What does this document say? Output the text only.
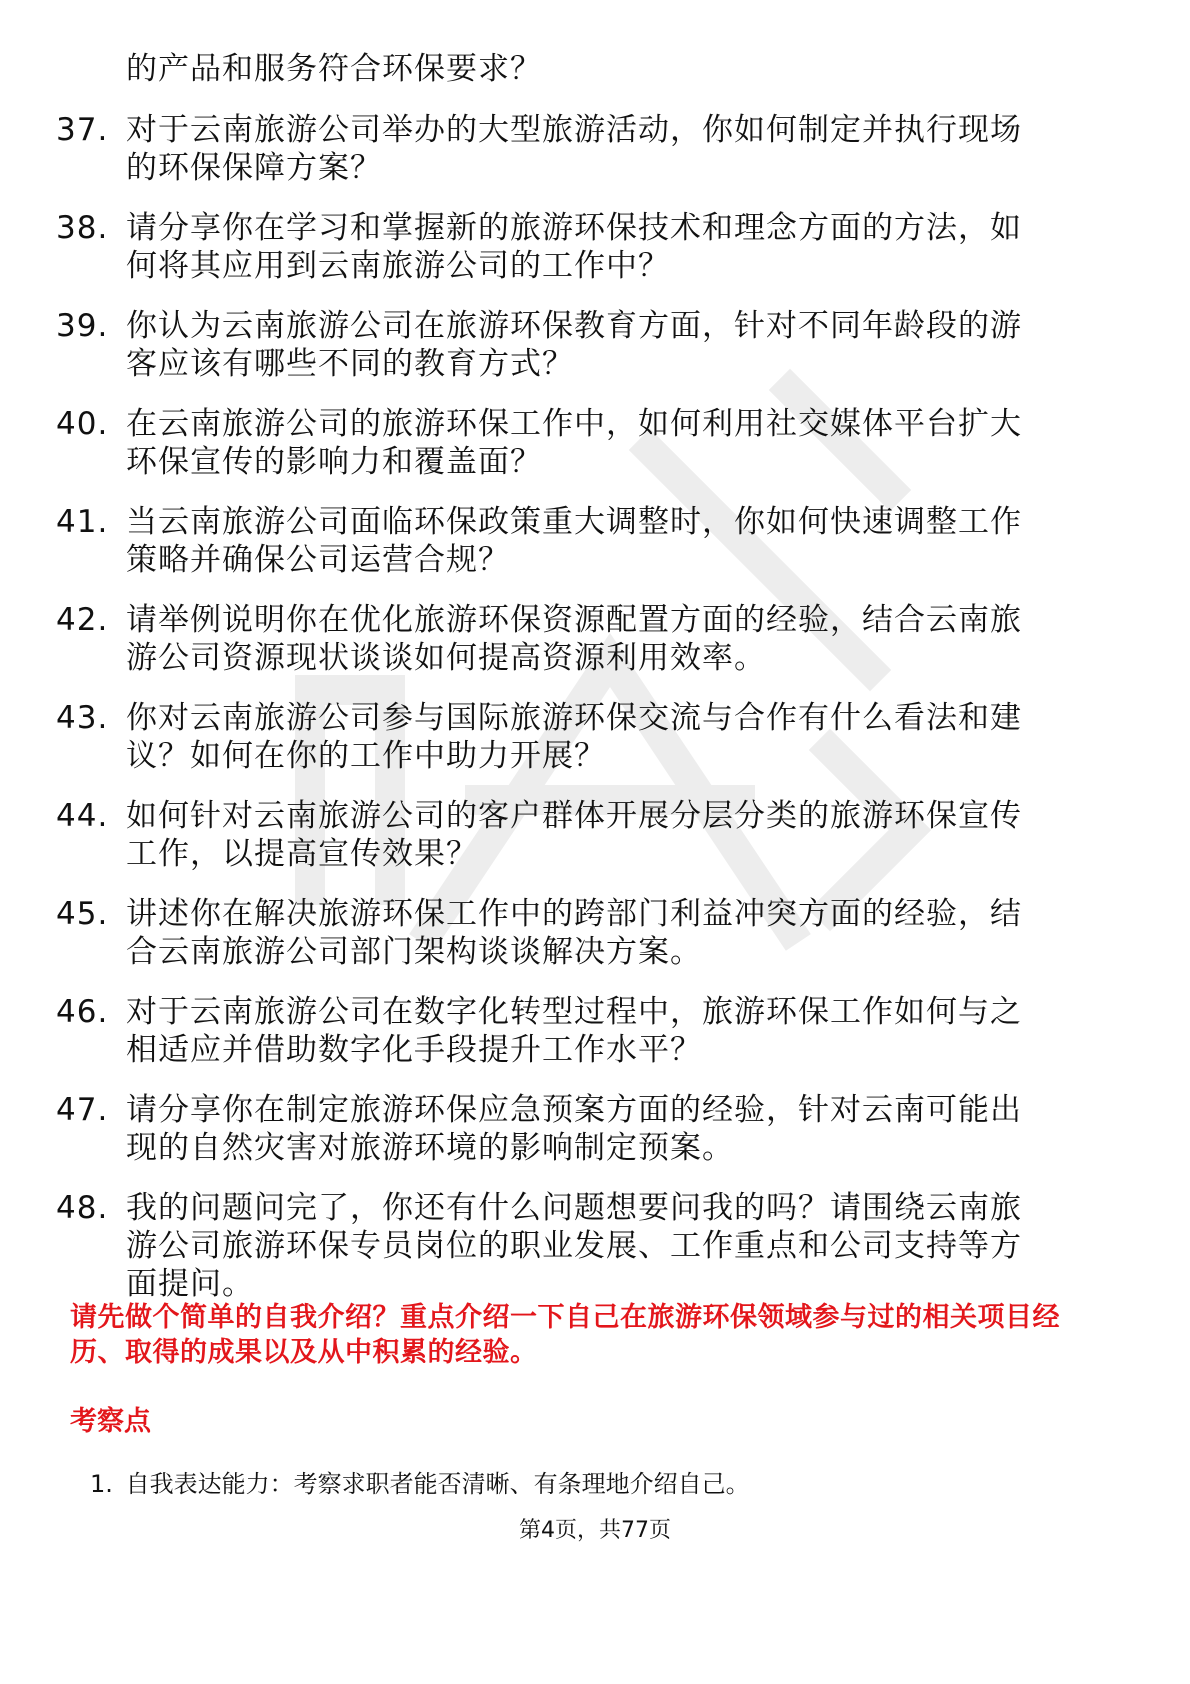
的产品和服务符合环保要求？
37. 对于云南旅游公司举办的大型旅游活动，你如何制定并执行现场
的环保保障方案？
38. 请分享你在学习和掌握新的旅游环保技术和理念方面的方法，如
何将其应用到云南旅游公司的工作中？
39. 你认为云南旅游公司在旅游环保教育方面，针对不同年龄段的游
客应该有哪些不同的教育方式？
40. 在云南旅游公司的旅游环保工作中，如何利用社交媒体平台扩大
环保宣传的影响力和覆盖面？
41. 当云南旅游公司面临环保政策重大调整时，你如何快速调整工作
策略并确保公司运营合规？
42. 请举例说明你在优化旅游环保资源配置方面的经验，结合云南旅
游公司资源现状谈谈如何提高资源利用效率。
43. 你对云南旅游公司参与国际旅游环保交流与合作有什么看法和建
议？如何在你的工作中助力开展？
44. 如何针对云南旅游公司的客户群体开展分层分类的旅游环保宣传
工作，以提高宣传效果？
45. 讲述你在解决旅游环保工作中的跨部门利益冲突方面的经验，结
合云南旅游公司部门架构谈谈解决方案。
46. 对于云南旅游公司在数字化转型过程中，旅游环保工作如何与之
相适应并借助数字化手段提升工作水平？
47. 请分享你在制定旅游环保应急预案方面的经验，针对云南可能出
现的自然灾害对旅游环境的影响制定预案。
48. 我的问题问完了，你还有什么问题想要问我的吗？请围绕云南旅
游公司旅游环保专员岗位的职业发展、工作重点和公司支持等方
面提问。
请先做个简单的自我介绍？重点介绍一下自己在旅游环保领域参与过的相关项目经
历、取得的成果以及从中积累的经验。
考察点
1. 自我表达能力：考察求职者能否清晰、有条理地介绍自己。
第4页，共77页
